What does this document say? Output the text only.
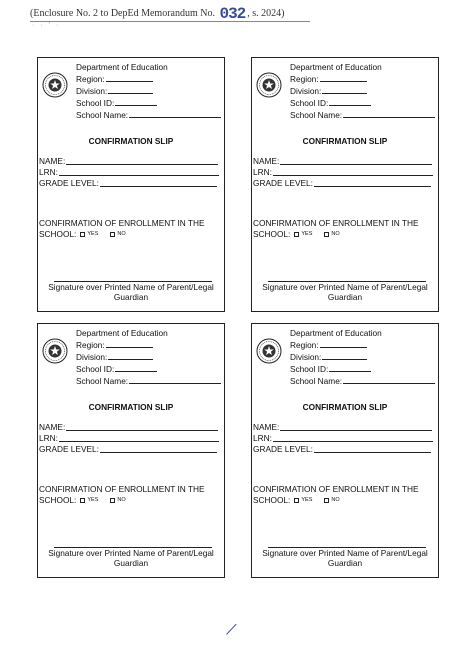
(Enclosure No. 2 to DepEd Memorandum No. 032 , s. 2024)
· · ' ·
Department of Education
Region:
Division:
School ID:
School Name:
CONFIRMATION SLIP
NAME:
LRN:
GRADE LEVEL:
CONFIRMATION OF ENROLLMENT IN THE
SCHOOL: YES	NO
Signature over Printed Name of Parent/Legal
Guardian
Department of Education
Region:
Division:
School ID:
School Name:
CONFIRMATION SLIP
NAME:
LRN:
GRADE LEVEL:
CONFIRMATION OF ENROLLMENT IN THE
SCHOOL: YES	NO
Signature over Printed Name of Parent/Legal
Guardian
Department of Education
Region:
Division:
School ID:
School Name:
CONFIRMATION SLIP
NAME:
LRN:
GRADE LEVEL:
CONFIRMATION OF ENROLLMENT IN THE
SCHOOL: YES	NO
Signature over Printed Name of Parent/Legal
Guardian
Department of Education
Region:
Division:
School ID:
School Name:
CONFIRMATION SLIP
NAME:
LRN:
GRADE LEVEL:
CONFIRMATION OF ENROLLMENT IN THE
SCHOOL: YES	NO
Signature over Printed Name of Parent/Legal
Guardian
⁄
